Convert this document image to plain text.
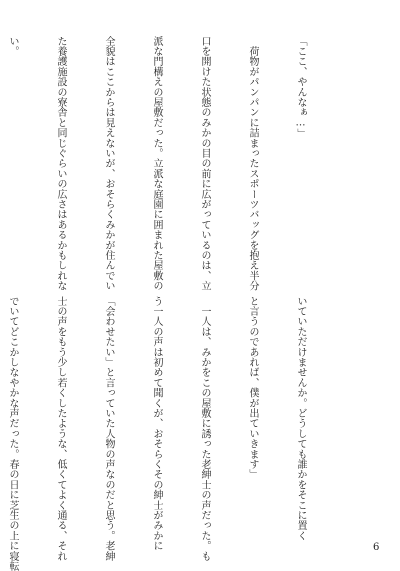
「ここ、やんなぁ…」

　荷物がパンパンに詰まったスポーツバッグを抱え半分

口を開けた状態のみかの目の前に広がっているのは、立

派な門構えの屋敷だった。立派な庭園に囲まれた屋敷の

全貌はここからは見えないが、おそらくみかが住んでい

た養護施設の寮舎と同じぐらいの広さはあるかもしれな

い。

いていただけませんか。どうしても誰かをそこに置く

と言うのであれば、僕が出ていきます」

　一人は、みかをこの屋敷に誘った老紳士の声だった。も

う一人の声は初めて聞くが、おそらくその紳士がみかに

「会わせたい」と言っていた人物の声なのだと思う。老紳

士の声をもう少し若くしたような、低くてよく通る、それ

でいてどこかしなやかな声だった。春の日に芝生の上に寝転

	6
